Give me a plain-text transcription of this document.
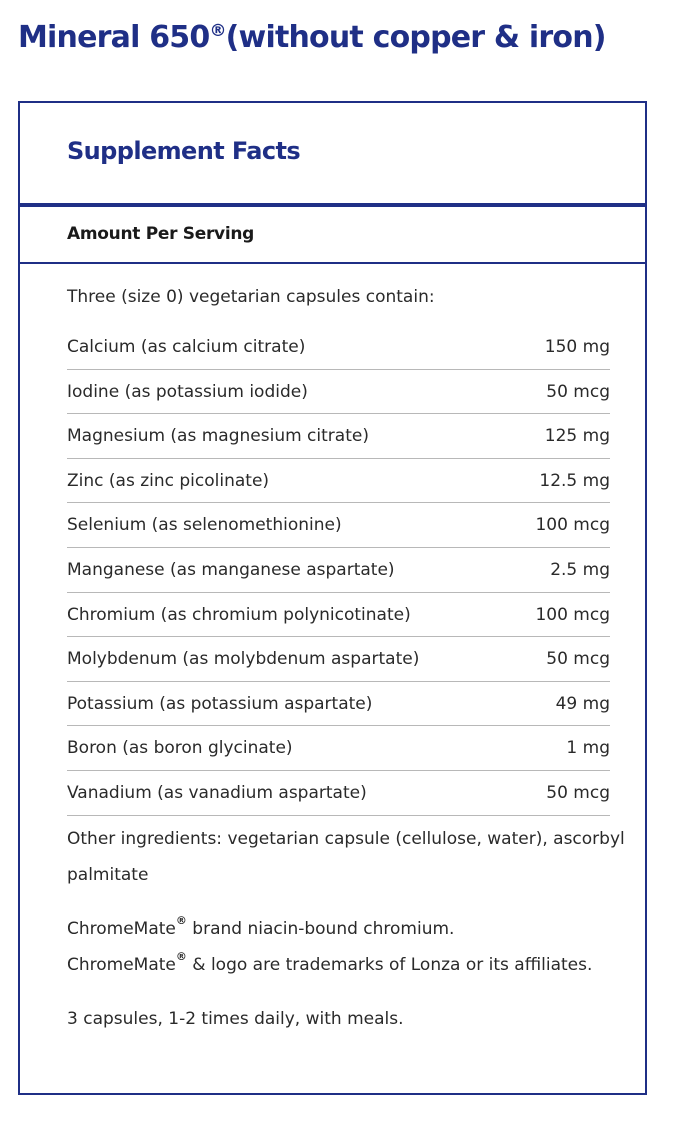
Mineral 650®(without copper & iron)
Supplement Facts
Amount Per Serving
Three (size 0) vegetarian capsules contain:
Calcium (as calcium citrate)	150 mg
Iodine (as potassium iodide)	50 mcg
Magnesium (as magnesium citrate)	125 mg
Zinc (as zinc picolinate)	12.5 mg
Selenium (as selenomethionine)	100 mcg
Manganese (as manganese aspartate)	2.5 mg
Chromium (as chromium polynicotinate)	100 mcg
Molybdenum (as molybdenum aspartate)	50 mcg
Potassium (as potassium aspartate)	49 mg
Boron (as boron glycinate)	1 mg
Vanadium (as vanadium aspartate)	50 mcg

Other ingredients: vegetarian capsule (cellulose, water), ascorbyl palmitate

ChromeMate® brand niacin-bound chromium.
ChromeMate® & logo are trademarks of Lonza or its affiliates.

3 capsules, 1-2 times daily, with meals.
